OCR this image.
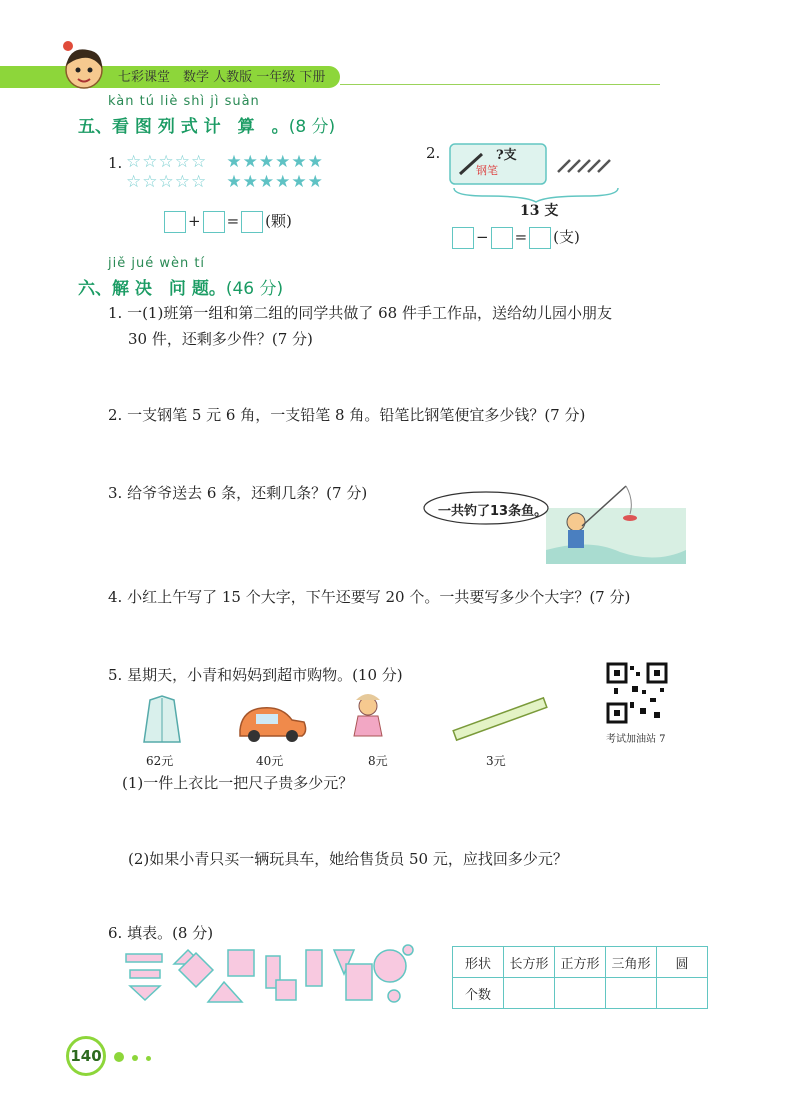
七彩课堂　数学 人教版 一年级 下册
kàn tú liè shì jì suàn
五、看 图 列 式 计　算　。(8 分)
1. ☆☆☆☆☆ ★★★★★★
☆☆☆☆☆ ★★★★★★
+ = (颗)
2.	?支
钢笔
13 支
− = (支)
jiě jué wèn tí
六、解 决　问 题。(46 分)
1. 一(1)班第一组和第二组的同学共做了 68 件手工作品，送给幼儿园小朋友
30 件，还剩多少件？(7 分)
2. 一支钢笔 5 元 6 角，一支铅笔 8 角。铅笔比钢笔便宜多少钱？(7 分)
3. 给爷爷送去 6 条，还剩几条？(7 分)
一共钓了13条鱼。
4. 小红上午写了 15 个大字，下午还要写 20 个。一共要写多少个大字？(7 分)
5. 星期天，小青和妈妈到超市购物。(10 分)
考试加油站 7
62元	40元	8元	3元
(1)一件上衣比一把尺子贵多少元？
(2)如果小青只买一辆玩具车，她给售货员 50 元，应找回多少元？
6. 填表。(8 分)
形状	长方形	正方形	三角形	圆
个数				
140
